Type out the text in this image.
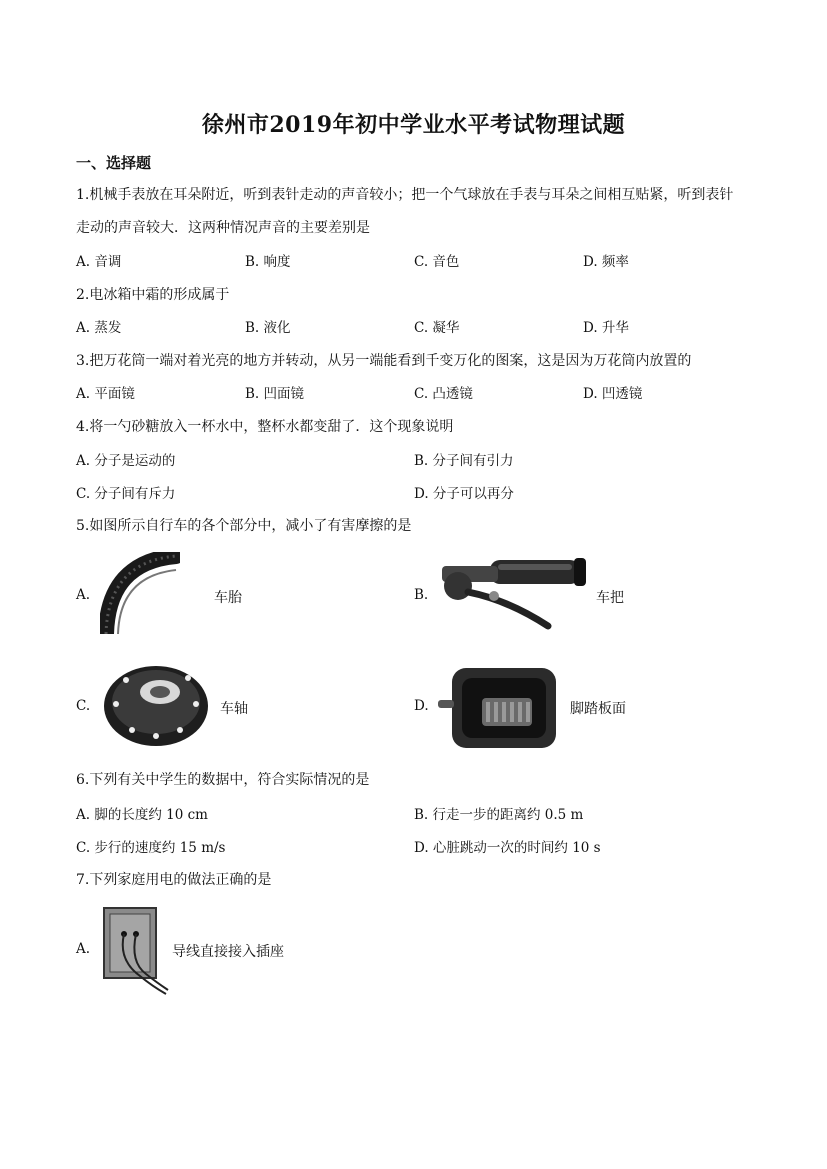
徐州市2019年初中学业水平考试物理试题
一、选择题
1.机械手表放在耳朵附近，听到表针走动的声音较小；把一个气球放在手表与耳朵之间相互贴紧，听到表针
走动的声音较大．这两种情况声音的主要差别是
A. 音调	B. 响度	C. 音色	D. 频率
2.电冰箱中霜的形成属于
A. 蒸发	B. 液化	C. 凝华	D. 升华
3.把万花筒一端对着光亮的地方并转动，从另一端能看到千变万化的图案，这是因为万花筒内放置的
A. 平面镜	B. 凹面镜	C. 凸透镜	D. 凹透镜
4.将一勺砂糖放入一杯水中，整杯水都变甜了．这个现象说明
A. 分子是运动的	B. 分子间有引力
C. 分子间有斥力	D. 分子可以再分
5.如图所示自行车的各个部分中，减小了有害摩擦的是
A.	车胎	B.	车把
C.	车轴	D.	脚踏板面
6.下列有关中学生的数据中，符合实际情况的是
A. 脚的长度约 10 cm	B. 行走一步的距离约 0.5 m
C. 步行的速度约 15 m/s	D. 心脏跳动一次的时间约 10 s
7.下列家庭用电的做法正确的是
A.	导线直接接入插座
